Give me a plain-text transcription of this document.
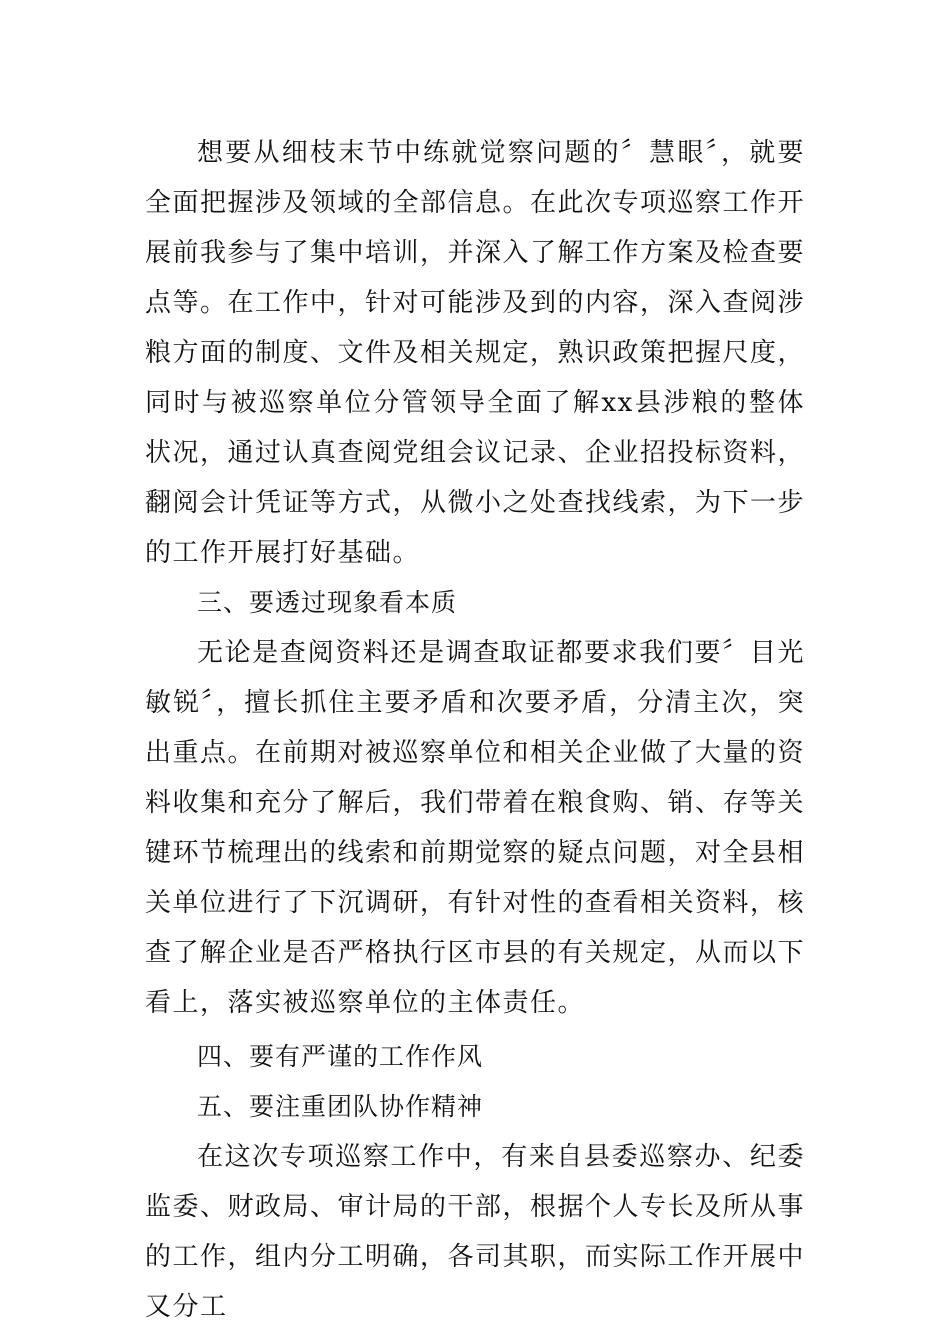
想要从细枝末节中练就觉察问题的〞慧眼〞，就要全面把握涉及领域的全部信息。在此次专项巡察工作开展前我参与了集中培训，并深入了解工作方案及检查要点等。在工作中，针对可能涉及到的内容，深入查阅涉粮方面的制度、文件及相关规定，熟识政策把握尺度，同时与被巡察单位分管领导全面了解xx县涉粮的整体状况，通过认真查阅党组会议记录、企业招投标资料，翻阅会计凭证等方式，从微小之处查找线索，为下一步的工作开展打好基础。

三、要透过现象看本质

无论是查阅资料还是调查取证都要求我们要〞目光敏锐〞，擅长抓住主要矛盾和次要矛盾，分清主次，突出重点。在前期对被巡察单位和相关企业做了大量的资料收集和充分了解后，我们带着在粮食购、销、存等关键环节梳理出的线索和前期觉察的疑点问题，对全县相关单位进行了下沉调研，有针对性的查看相关资料，核查了解企业是否严格执行区市县的有关规定，从而以下看上，落实被巡察单位的主体责任。

四、要有严谨的工作作风

五、要注重团队协作精神

在这次专项巡察工作中，有来自县委巡察办、纪委监委、财政局、审计局的干部，根据个人专长及所从事的工作，组内分工明确，各司其职，而实际工作开展中又分工
